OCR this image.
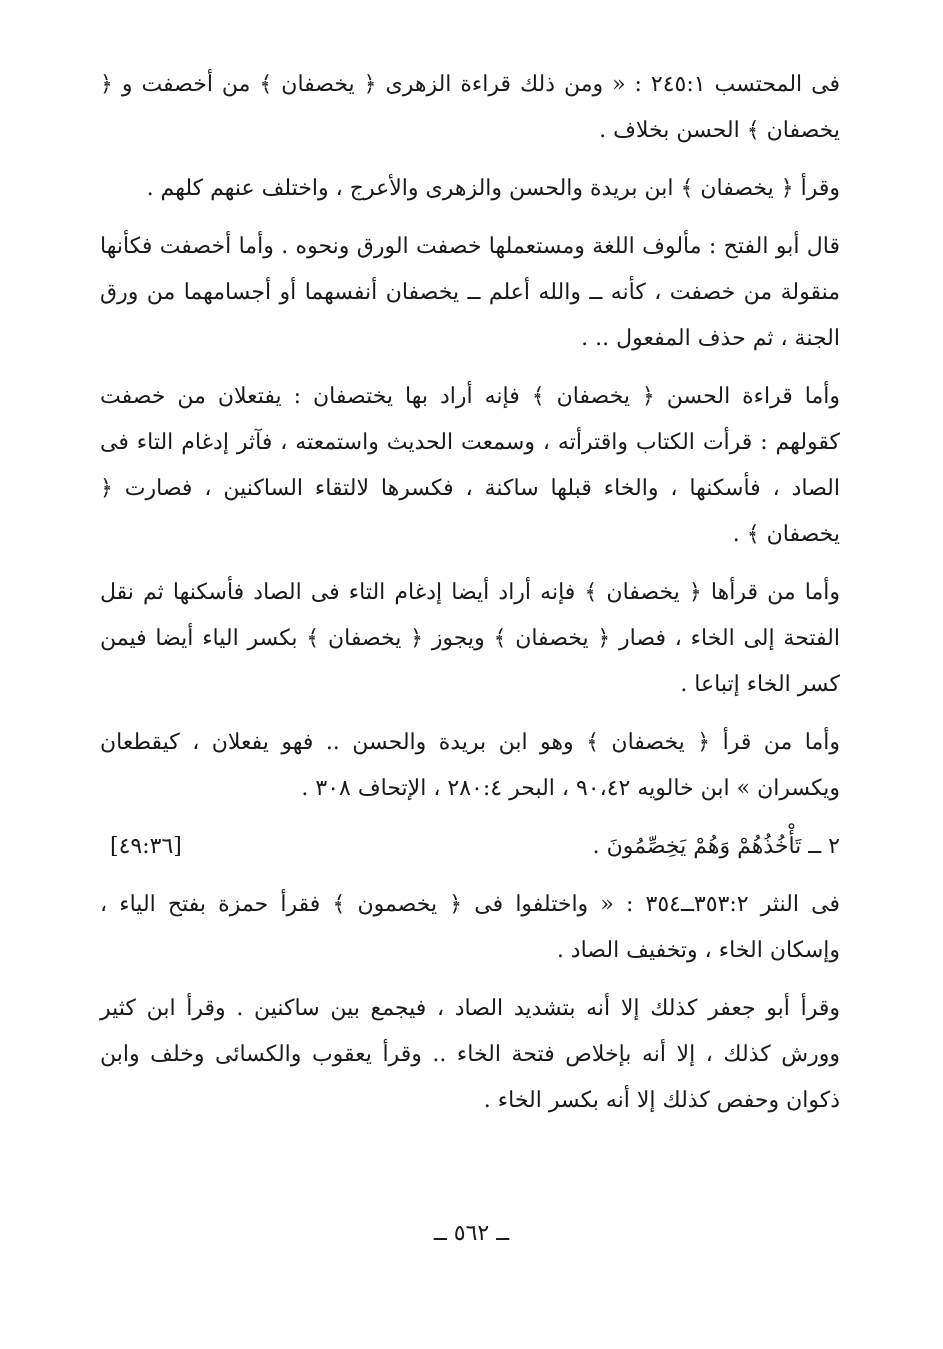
فى المحتسب ٢٤٥:١ : « ومن ذلك قراءة الزهرى ﴿ يخصفان ﴾ من أخصفت و ﴿ يخصفان ﴾ الحسن بخلاف .

وقرأ ﴿ يخصفان ﴾ ابن بريدة والحسن والزهرى والأعرج ، واختلف عنهم كلهم .

قال أبو الفتح : مألوف اللغة ومستعملها خصفت الورق ونحوه . وأما أخصفت فكأنها منقولة من خصفت ، كأنه ــ والله أعلم ــ يخصفان أنفسهما أو أجسامهما من ورق الجنة ، ثم حذف المفعول .. .

وأما قراءة الحسن ﴿ يخصفان ﴾ فإنه أراد بها يختصفان : يفتعلان من خصفت كقولهم : قرأت الكتاب واقترأته ، وسمعت الحديث واستمعته ، فآثر إدغام التاء فى الصاد ، فأسكنها ، والخاء قبلها ساكنة ، فكسرها لالتقاء الساكنين ، فصارت ﴿ يخصفان ﴾ .

وأما من قرأها ﴿ يخصفان ﴾ فإنه أراد أيضا إدغام التاء فى الصاد فأسكنها ثم نقل الفتحة إلى الخاء ، فصار ﴿ يخصفان ﴾ ويجوز ﴿ يخصفان ﴾ بكسر الياء أيضا فيمن كسر الخاء إتباعا .

وأما من قرأ ﴿ يخصفان ﴾ وهو ابن بريدة والحسن .. فهو يفعلان ، كيقطعان ويكسران » ابن خالويه ٩٠،٤٢ ، البحر ٢٨٠:٤ ، الإتحاف ٣٠٨ .

٢ ــ تَأْخُذُهُمْ وَهُمْ يَخِصِّمُونَ .
[٤٩:٣٦]

فى النثر ٣٥٣:٢ــ٣٥٤ : « واختلفوا فى ﴿ يخصمون ﴾ فقرأ حمزة بفتح الياء ، وإسكان الخاء ، وتخفيف الصاد .

وقرأ أبو جعفر كذلك إلا أنه بتشديد الصاد ، فيجمع بين ساكنين . وقرأ ابن كثير وورش كذلك ، إلا أنه بإخلاص فتحة الخاء .. وقرأ يعقوب والكسائى وخلف وابن ذكوان وحفص كذلك إلا أنه بكسر الخاء .

ــ ٥٦٢ ــ
